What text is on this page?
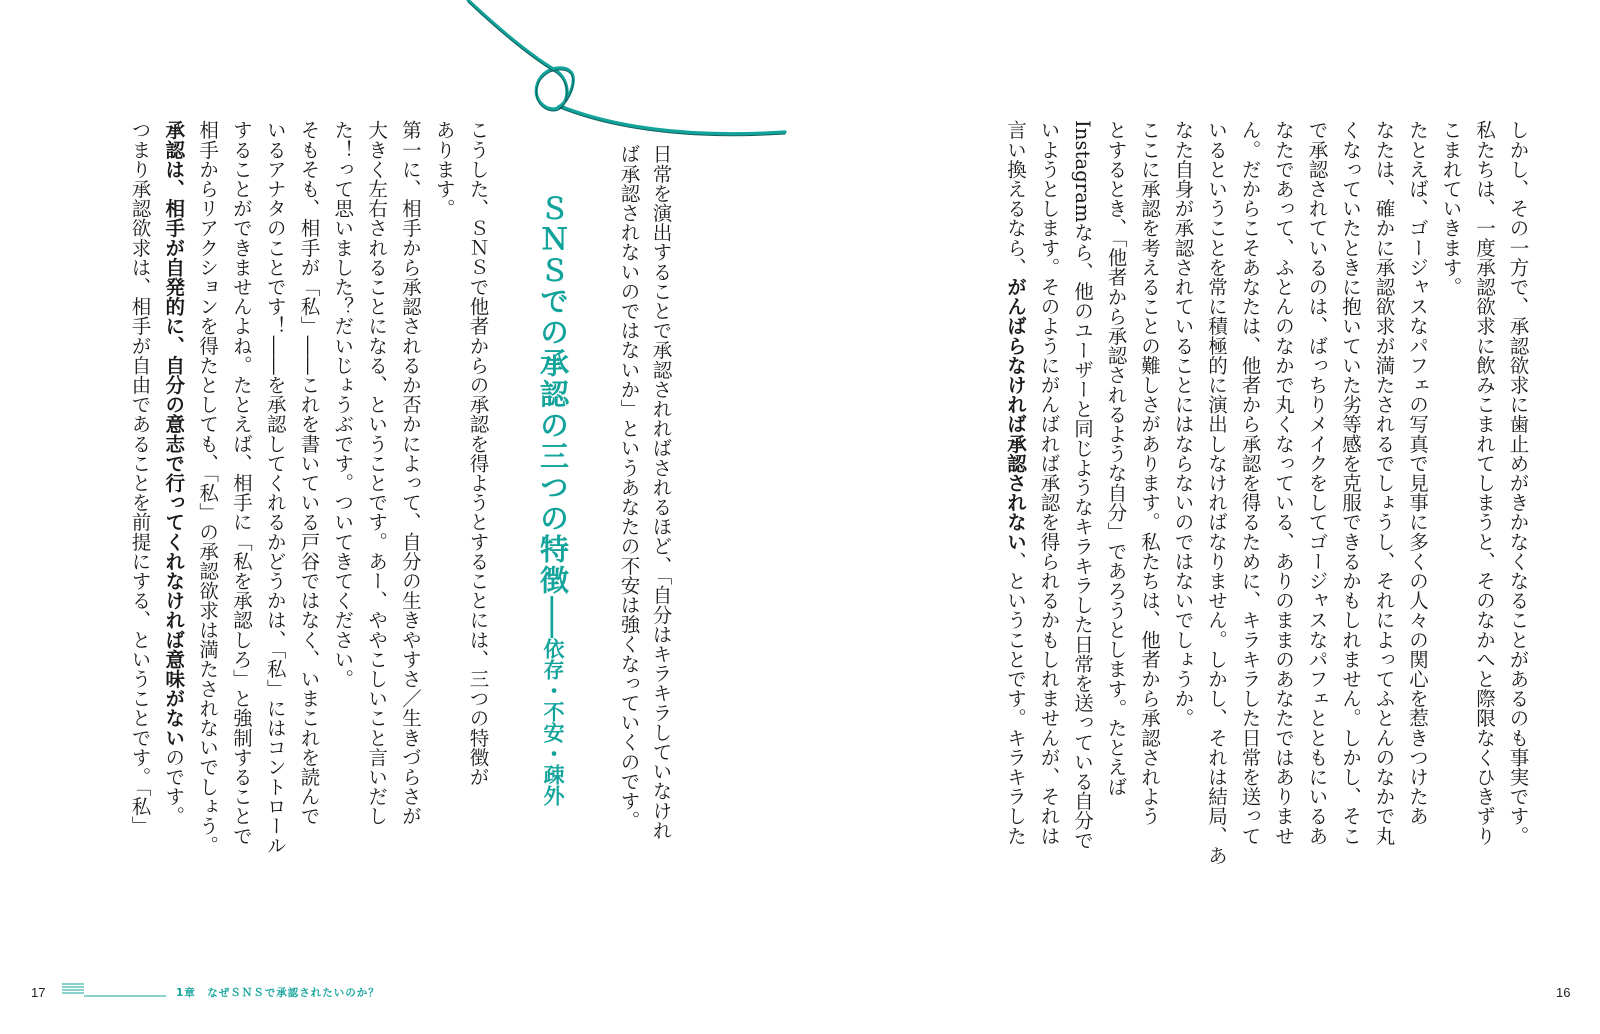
しかし、その一方で、承認欲求に歯止めがきかなくなることがあるのも事実です。
私たちは、一度承認欲求に飲みこまれてしまうと、そのなかへと際限なくひきずり
こまれていきます。
たとえば、ゴージャスなパフェの写真で見事に多くの人々の関心を惹きつけたあ
なたは、確かに承認欲求が満たされるでしょうし、それによってふとんのなかで丸
くなっていたときに抱いていた劣等感を克服できるかもしれません。しかし、そこ
で承認されているのは、ばっちりメイクをしてゴージャスなパフェとともにいるあ
なたであって、ふとんのなかで丸くなっている、ありのままのあなたではありませ
ん。だからこそあなたは、他者から承認を得るために、キラキラした日常を送って
いるということを常に積極的に演出しなければなりません。しかし、それは結局、あ
なた自身が承認されていることにはならないのではないでしょうか。
ここに承認を考えることの難しさがあります。私たちは、他者から承認されよう
とするとき、「他者から承認されるような自分」であろうとします。たとえば
Instagramなら、他のユーザーと同じようなキラキラした日常を送っている自分で
いようとします。そのようにがんばれば承認を得られるかもしれませんが、それは
言い換えるなら、がんばらなければ承認されない、ということです。キラキラした
日常を演出することで承認されればされるほど、「自分はキラキラしていなけれ
ば承認されないのではないか」というあなたの不安は強くなっていくのです。
ＳＮＳでの承認の三つの特徴――依存・不安・疎外
こうした、ＳＮＳで他者からの承認を得ようとすることには、三つの特徴が
あります。
第一に、相手から承認されるか否かによって、自分の生きやすさ／生きづらさが
大きく左右されることになる、ということです。あー、ややこしいこと言いだし
た！って思いました？だいじょうぶです。ついてきてください。
そもそも、相手が「私」――これを書いている戸谷ではなく、いまこれを読んで
いるアナタのことです！――を承認してくれるかどうかは、「私」にはコントロール
することができませんよね。たとえば、相手に「私を承認しろ」と強制することで
相手からリアクションを得たとしても、「私」の承認欲求は満たされないでしょう。
承認は、相手が自発的に、自分の意志で行ってくれなければ意味がないのです。
つまり承認欲求は、相手が自由であることを前提にする、ということです。「私」
17	1章　なぜＳＮＳで承認されたいのか？	16
